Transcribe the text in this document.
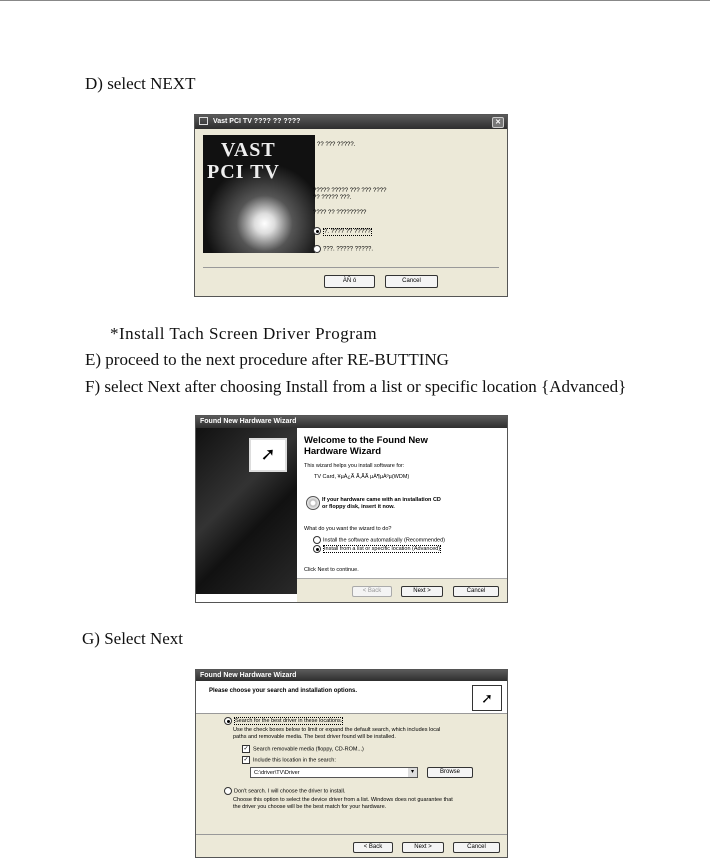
D) select NEXT
Vast PCI TV ???? ?? ????	✕
VAST
PCI TV
?? ??? ?????.
????? ????? ??? ??? ????
?? ????? ???.
???? ?? ?????????
?. ???? ?? ?????
???. ????? ?????.
ÀÑ ó	Cancel
*Install Tach Screen Driver Program
E) proceed to the next procedure after RE-BUTTING
F) select Next after choosing Install from a list or specific location {Advanced}
Found New Hardware Wizard
➚
Welcome to the Found New
Hardware Wizard
This wizard helps you install software for:
TV Card, ¥µÀ¿Ã Ã,ÃÃ µÀ¶µÀºµ(WDM)
If your hardware came with an installation CD
or floppy disk, insert it now.
What do you want the wizard to do?
Install the software automatically (Recommended)
Install from a list or specific location (Advanced)
Click Next to continue.
< Back	Next >	Cancel
G) Select Next
Found New Hardware Wizard
Please choose your search and installation options.	➚
Search for the best driver in these locations.
Use the check boxes below to limit or expand the default search, which includes local
paths and removable media. The best driver found will be installed.
✓ Search removable media (floppy, CD-ROM...)
✓ Include this location in the search:
C:\driver\TV\Driver	▾	Browse
Don't search. I will choose the driver to install.
Choose this option to select the device driver from a list. Windows does not guarantee that
the driver you choose will be the best match for your hardware.
< Back	Next >	Cancel
